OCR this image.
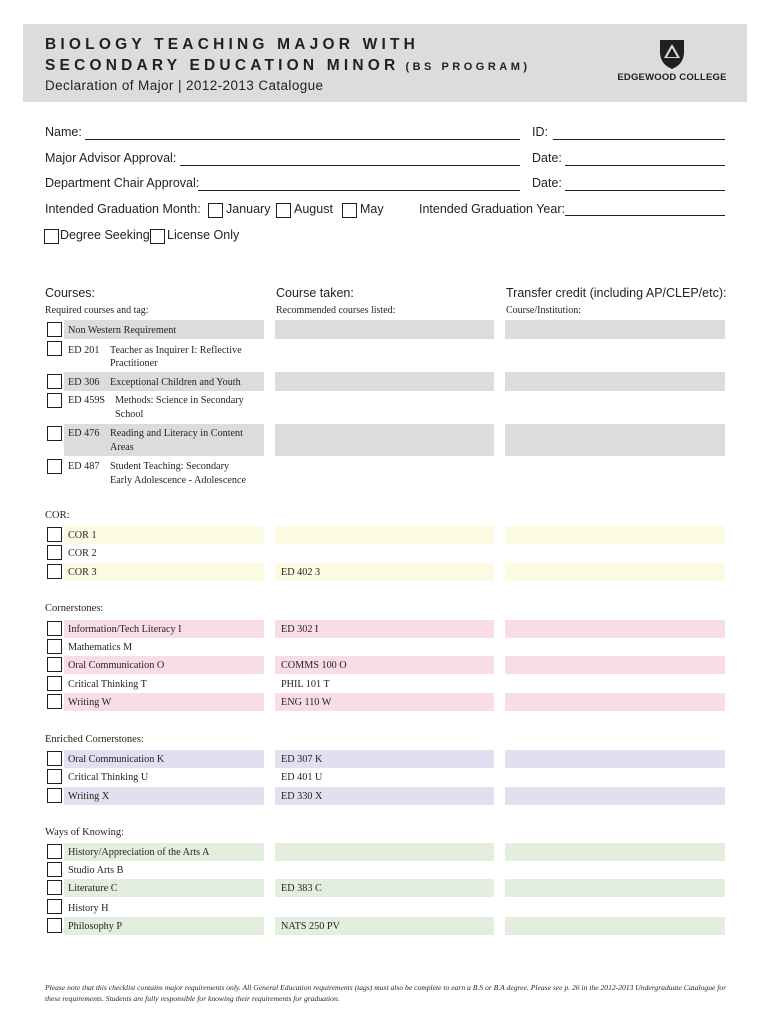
BIOLOGY TEACHING MAJOR WITH
SECONDARY EDUCATION MINOR (BS PROGRAM)
Declaration of Major | 2012-2013 Catalogue
EDGEWOOD COLLEGE
Name:	ID:
Major Advisor Approval:	Date:
Department Chair Approval:	Date:
Intended Graduation Month: January August May	Intended Graduation Year:
Degree Seeking License Only
Courses:	Course taken:	Transfer credit (including AP/CLEP/etc):
Required courses and tag:	Recommended courses listed:	Course/Institution:
Non Western Requirement
ED 201 Teacher as Inquirer I: Reflective
Practitioner
ED 306 Exceptional Children and Youth
ED 459S Methods: Science in Secondary
School
ED 476 Reading and Literacy in Content
Areas
ED 487 Student Teaching: Secondary
Early Adolescence - Adolescence
COR:
COR 1
COR 2
COR 3	ED 402 3
Cornerstones:
Information/Tech Literacy I	ED 302 I
Mathematics M
Oral Communication O	COMMS 100 O
Critical Thinking T	PHIL 101 T
Writing W	ENG 110 W
Enriched Cornerstones:
Oral Communication K	ED 307 K
Critical Thinking U	ED 401 U
Writing X	ED 330 X
Ways of Knowing:
History/Appreciation of the Arts A
Studio Arts B
Literature C	ED 383 C
History H
Philosophy P	NATS 250 PV
Please note that this checklist contains major requirements only. All General Education requirements (tags) must also be complete to earn a B.S or B.A degree. Please see p. 26 in the 2012-2013 Undergraduate Catalogue for these requirements. Students are fully responsible for knowing their requirements for graduation.
